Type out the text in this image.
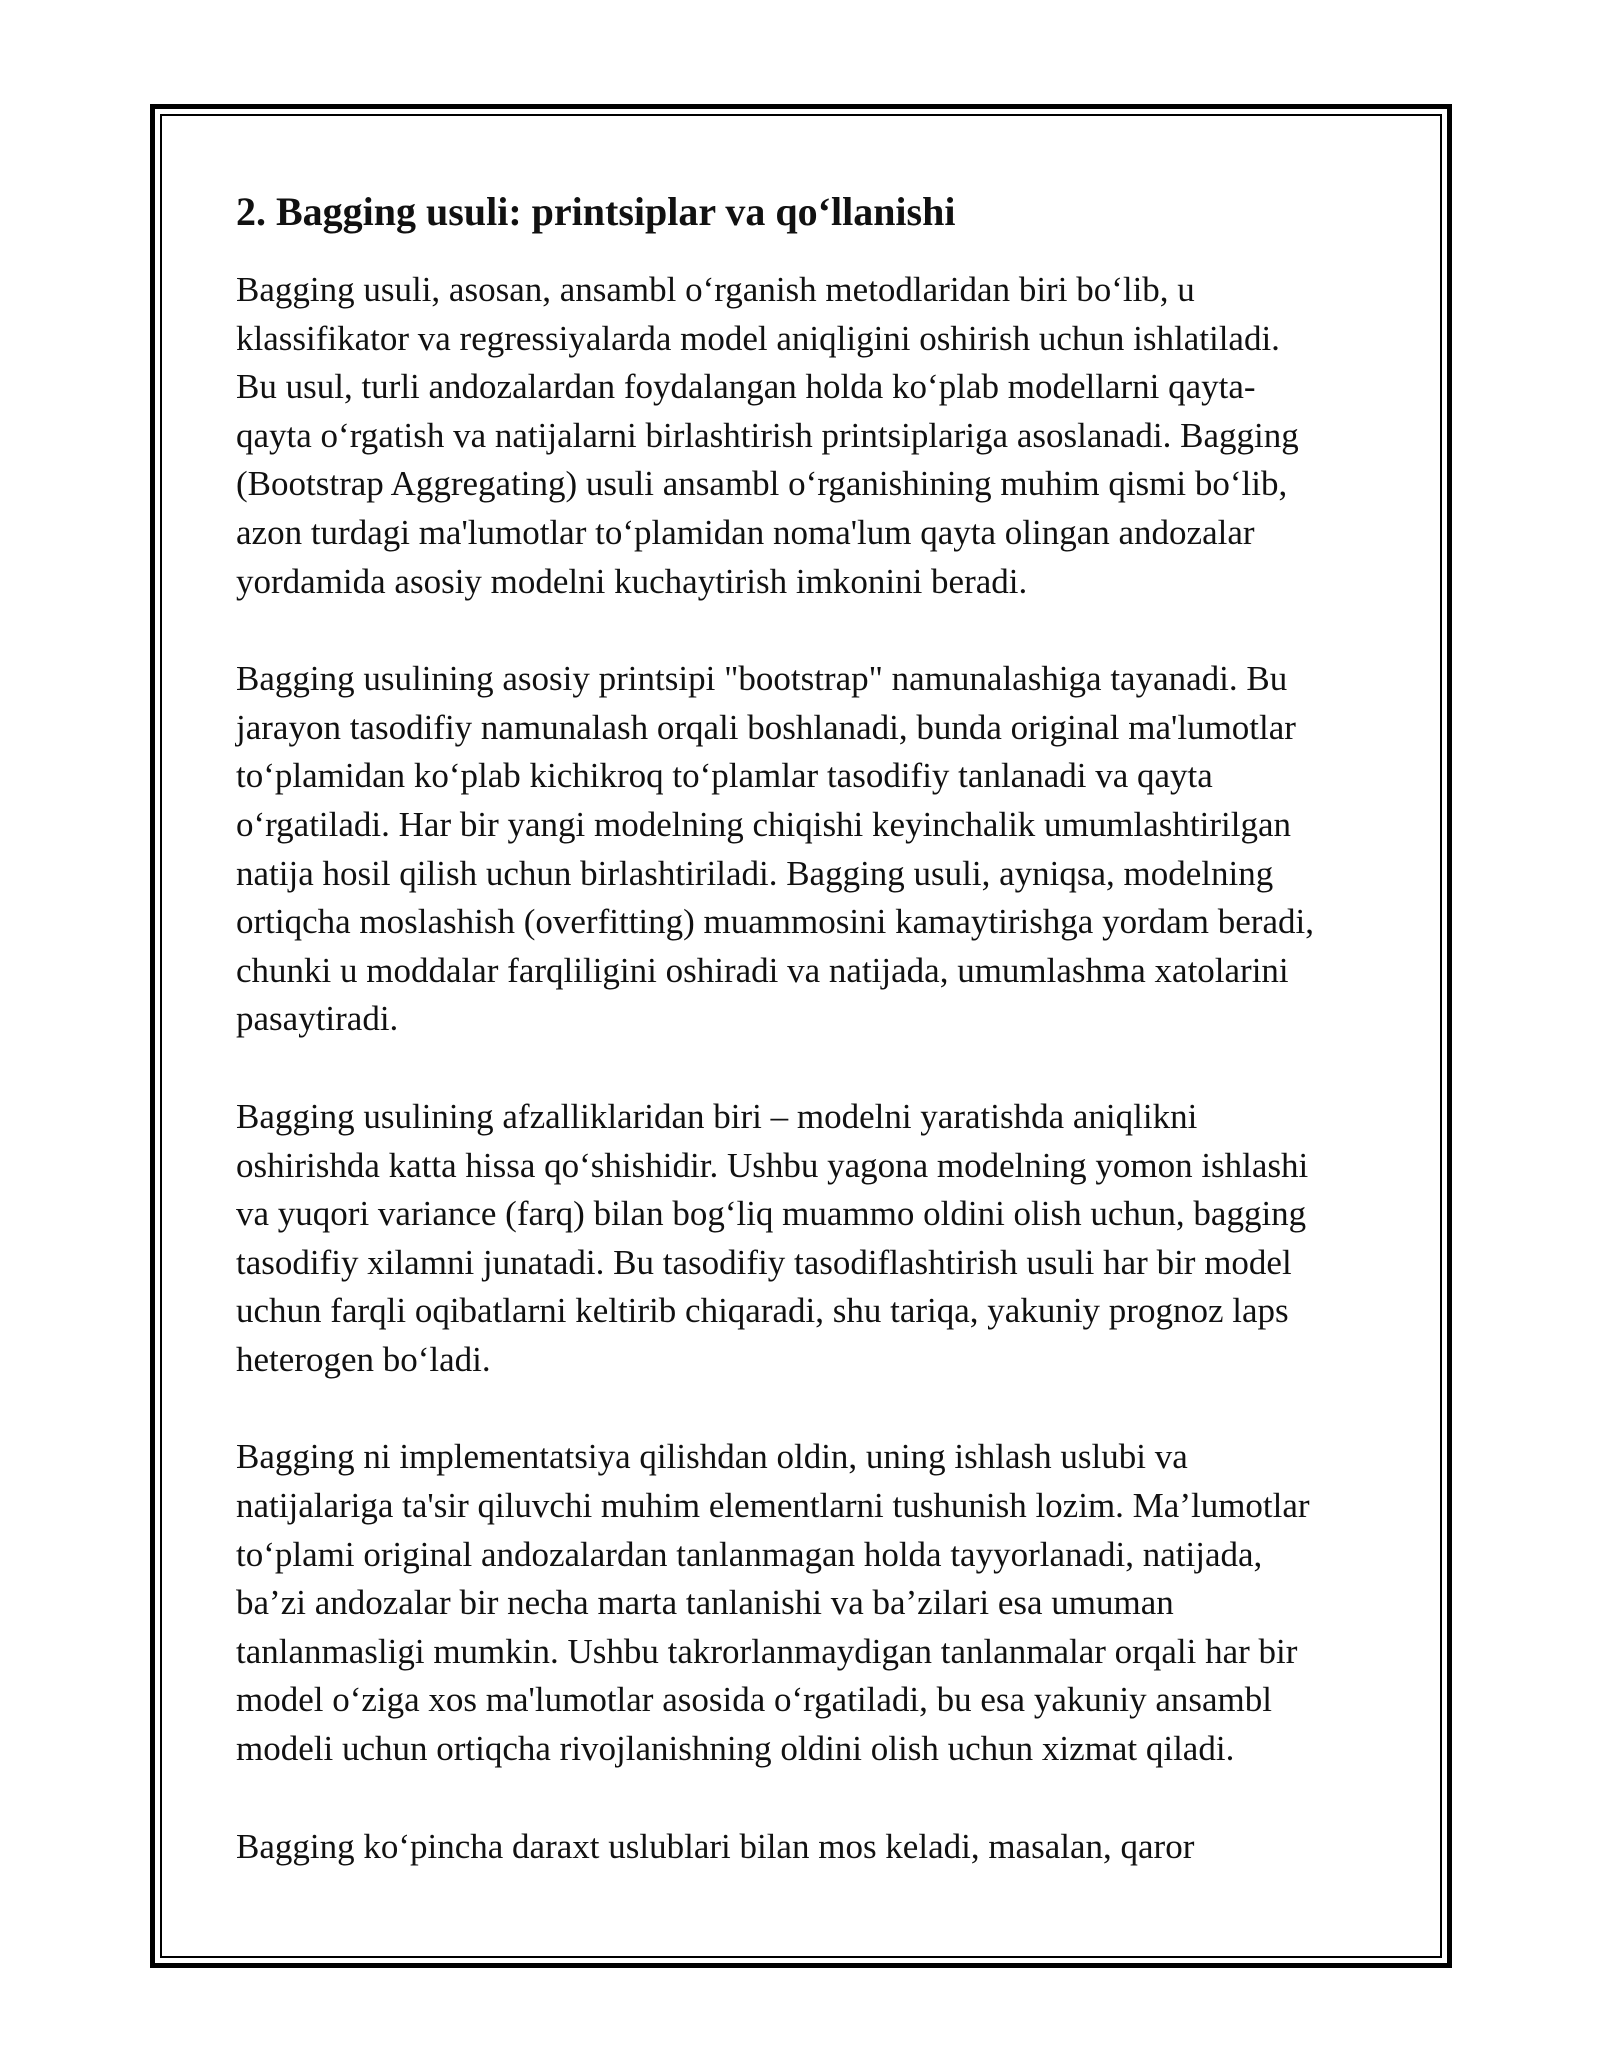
2. Bagging usuli: printsiplar va qo‘llanishi
Bagging usuli, asosan, ansambl o‘rganish metodlaridan biri bo‘lib, u
klassifikator va regressiyalarda model aniqligini oshirish uchun ishlatiladi.
Bu usul, turli andozalardan foydalangan holda ko‘plab modellarni qayta-
qayta o‘rgatish va natijalarni birlashtirish printsiplariga asoslanadi. Bagging
(Bootstrap Aggregating) usuli ansambl o‘rganishining muhim qismi bo‘lib,
azon turdagi ma'lumotlar to‘plamidan noma'lum qayta olingan andozalar
yordamida asosiy modelni kuchaytirish imkonini beradi.
Bagging usulining asosiy printsipi "bootstrap" namunalashiga tayanadi. Bu
jarayon tasodifiy namunalash orqali boshlanadi, bunda original ma'lumotlar
to‘plamidan ko‘plab kichikroq to‘plamlar tasodifiy tanlanadi va qayta
o‘rgatiladi. Har bir yangi modelning chiqishi keyinchalik umumlashtirilgan
natija hosil qilish uchun birlashtiriladi. Bagging usuli, ayniqsa, modelning
ortiqcha moslashish (overfitting) muammosini kamaytirishga yordam beradi,
chunki u moddalar farqliligini oshiradi va natijada, umumlashma xatolarini
pasaytiradi.
Bagging usulining afzalliklaridan biri – modelni yaratishda aniqlikni
oshirishda katta hissa qo‘shishidir. Ushbu yagona modelning yomon ishlashi
va yuqori variance (farq) bilan bog‘liq muammo oldini olish uchun, bagging
tasodifiy xilamni junatadi. Bu tasodifiy tasodiflashtirish usuli har bir model
uchun farqli oqibatlarni keltirib chiqaradi, shu tariqa, yakuniy prognoz laps
heterogen bo‘ladi.
Bagging ni implementatsiya qilishdan oldin, uning ishlash uslubi va
natijalariga ta'sir qiluvchi muhim elementlarni tushunish lozim. Ma’lumotlar
to‘plami original andozalardan tanlanmagan holda tayyorlanadi, natijada,
ba’zi andozalar bir necha marta tanlanishi va ba’zilari esa umuman
tanlanmasligi mumkin. Ushbu takrorlanmaydigan tanlanmalar orqali har bir
model o‘ziga xos ma'lumotlar asosida o‘rgatiladi, bu esa yakuniy ansambl
modeli uchun ortiqcha rivojlanishning oldini olish uchun xizmat qiladi.
Bagging ko‘pincha daraxt uslublari bilan mos keladi, masalan, qaror
